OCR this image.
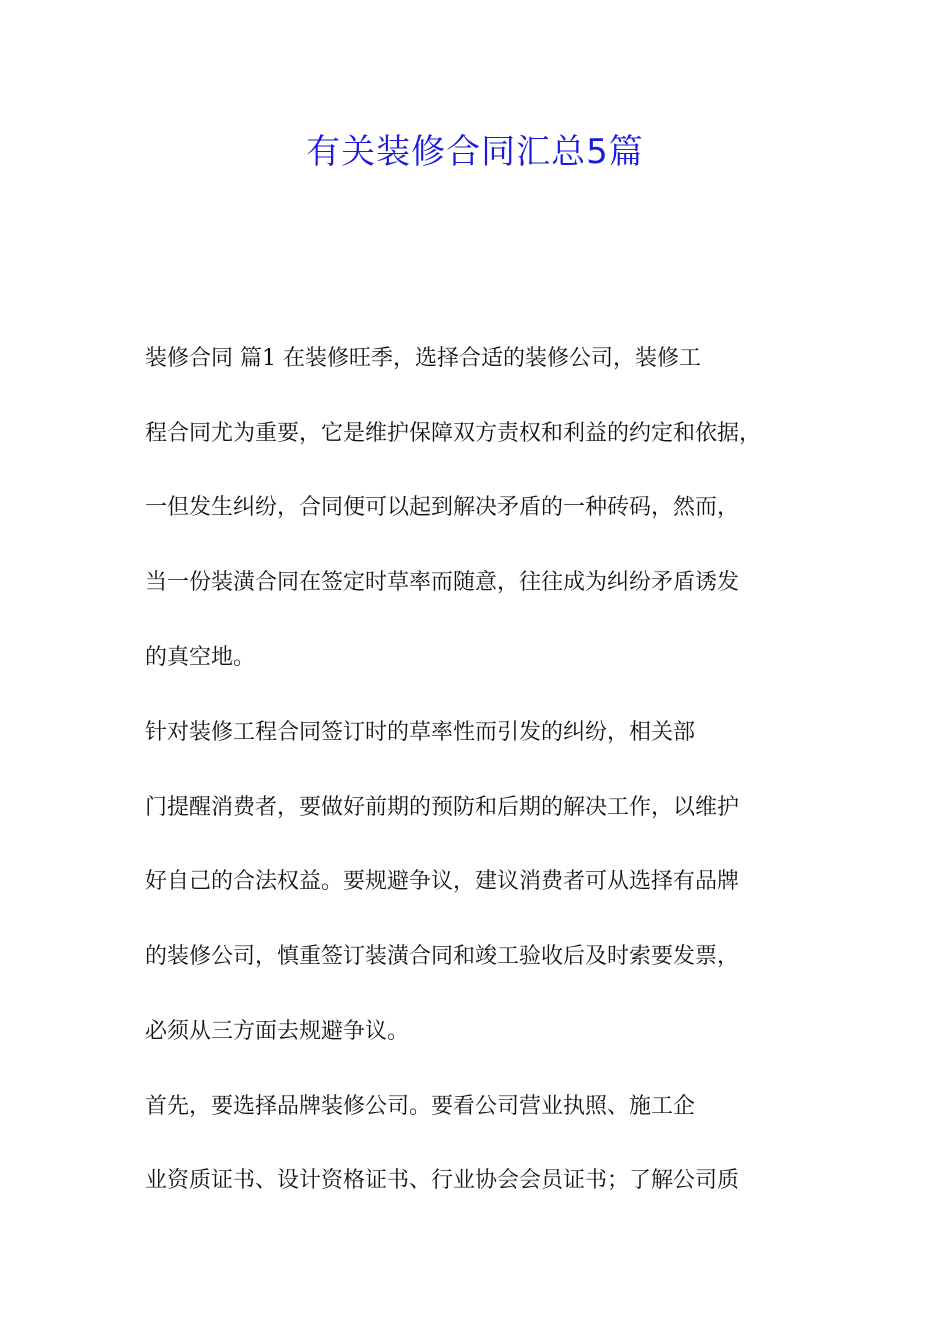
有关装修合同汇总5篇
装修合同 篇1 在装修旺季，选择合适的装修公司，装修工
程合同尤为重要，它是维护保障双方责权和利益的约定和依据，
一但发生纠纷，合同便可以起到解决矛盾的一种砖码，然而，
当一份装潢合同在签定时草率而随意，往往成为纠纷矛盾诱发
的真空地。
针对装修工程合同签订时的草率性而引发的纠纷，相关部
门提醒消费者，要做好前期的预防和后期的解决工作，以维护
好自己的合法权益。要规避争议，建议消费者可从选择有品牌
的装修公司，慎重签订装潢合同和竣工验收后及时索要发票，
必须从三方面去规避争议。
首先，要选择品牌装修公司。要看公司营业执照、施工企
业资质证书、设计资格证书、行业协会会员证书；了解公司质
